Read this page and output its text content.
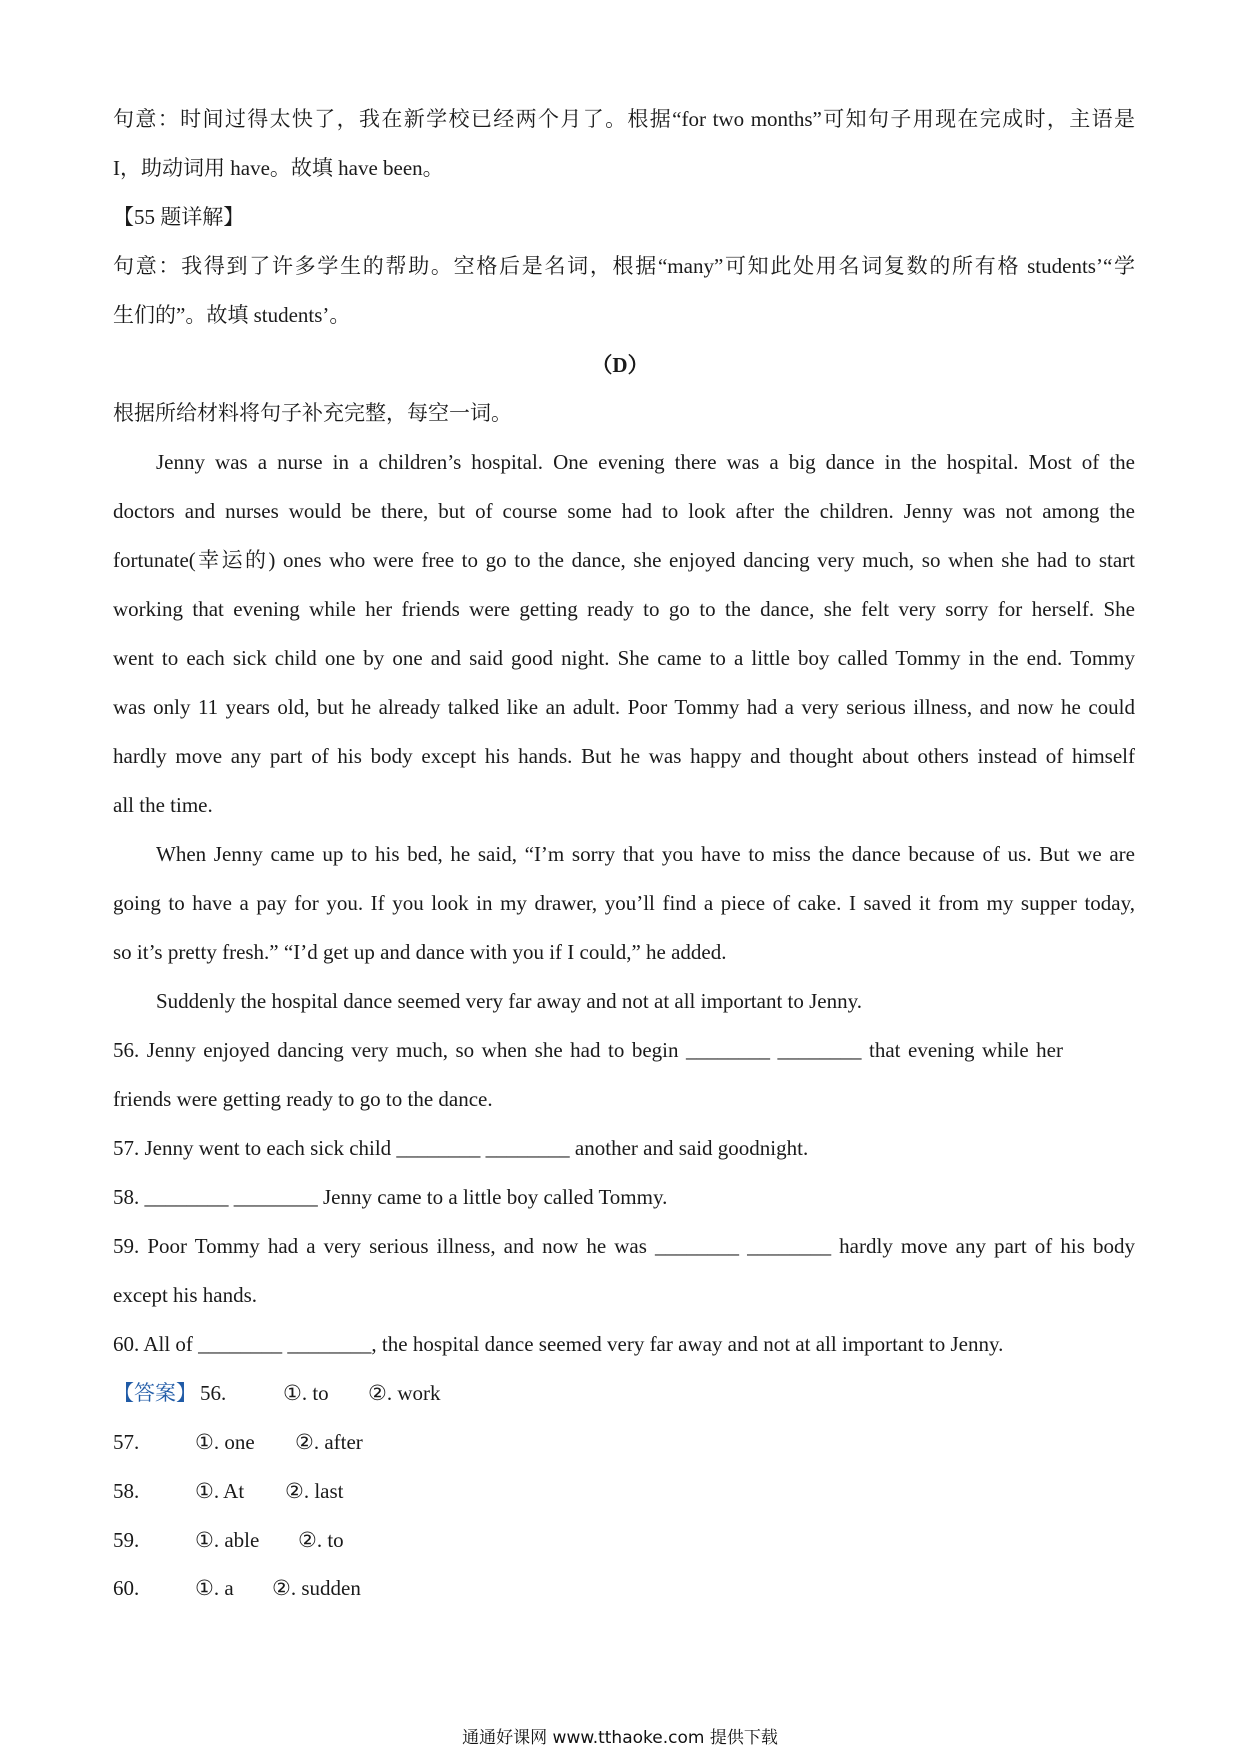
句意：时间过得太快了，我在新学校已经两个月了。根据“for two months”可知句子用现在完成时，主语是
I，助动词用 have。故填 have been。
【55 题详解】
句意：我得到了许多学生的帮助。空格后是名词，根据“many”可知此处用名词复数的所有格 students’“学
生们的”。故填 students’。
（D）
根据所给材料将句子补充完整，每空一词。
Jenny was a nurse in a children’s hospital. One evening there was a big dance in the hospital. Most of the
doctors and nurses would be there, but of course some had to look after the children. Jenny was not among the
fortunate(幸运的) ones who were free to go to the dance, she enjoyed dancing very much, so when she had to start
working that evening while her friends were getting ready to go to the dance, she felt very sorry for herself. She
went to each sick child one by one and said good night. She came to a little boy called Tommy in the end. Tommy
was only 11 years old, but he already talked like an adult. Poor Tommy had a very serious illness, and now he could
hardly move any part of his body except his hands. But he was happy and thought about others instead of himself
all the time.
When Jenny came up to his bed, he said, “I’m sorry that you have to miss the dance because of us. But we are
going to have a pay for you. If you look in my drawer, you’ll find a piece of cake. I saved it from my supper today,
so it’s pretty fresh.” “I’d get up and dance with you if I could,” he added.
Suddenly the hospital dance seemed very far away and not at all important to Jenny.
56. Jenny enjoyed dancing very much, so when she had to begin ________ ________ that evening while her
friends were getting ready to go to the dance.
57. Jenny went to each sick child ________ ________ another and said goodnight.
58. ________ ________ Jenny came to a little boy called Tommy.
59. Poor Tommy had a very serious illness, and now he was ________ ________ hardly move any part of his body
except his hands.
60. All of ________ ________, the hospital dance seemed very far away and not at all important to Jenny.
【答案】 56.	①. to ②. work
57.	①. one ②. after
58.	①. At ②. last
59.	①. able ②. to
60.	①. a ②. sudden
通通好课网 www.tthaoke.com 提供下载
